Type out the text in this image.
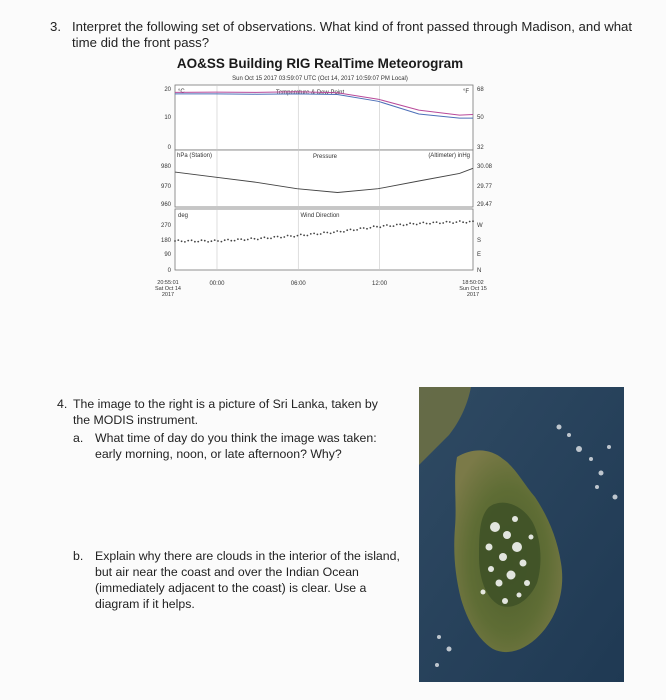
3. Interpret the following set of observations. What kind of front passed through Madison, and what time did the front pass?
AO&SS Building RIG RealTime Meteorogram
Sun Oct 15 2017 03:59:07 UTC (Oct 14, 2017 10:59:07 PM Local)
°C	°F
Temperature & Dew Point
20
10
0
68
50
32
hPa (Station)	Pressure	(Altimeter) inHg
980
970
960
30.08
29.77
29.47
deg	Wind Direction
270
180
90
0
W
S
E
N
20:55:01
Sat Oct 14
2017
00:00	06:00	12:00	18:50:02
Sun Oct 15
2017
4. The image to the right is a picture of Sri Lanka, taken by the MODIS instrument.
a. What time of day do you think the image was taken: early morning, noon, or late afternoon? Why?
b. Explain why there are clouds in the interior of the island, but air near the coast and over the Indian Ocean (immediately adjacent to the coast) is clear. Use a diagram if it helps.
